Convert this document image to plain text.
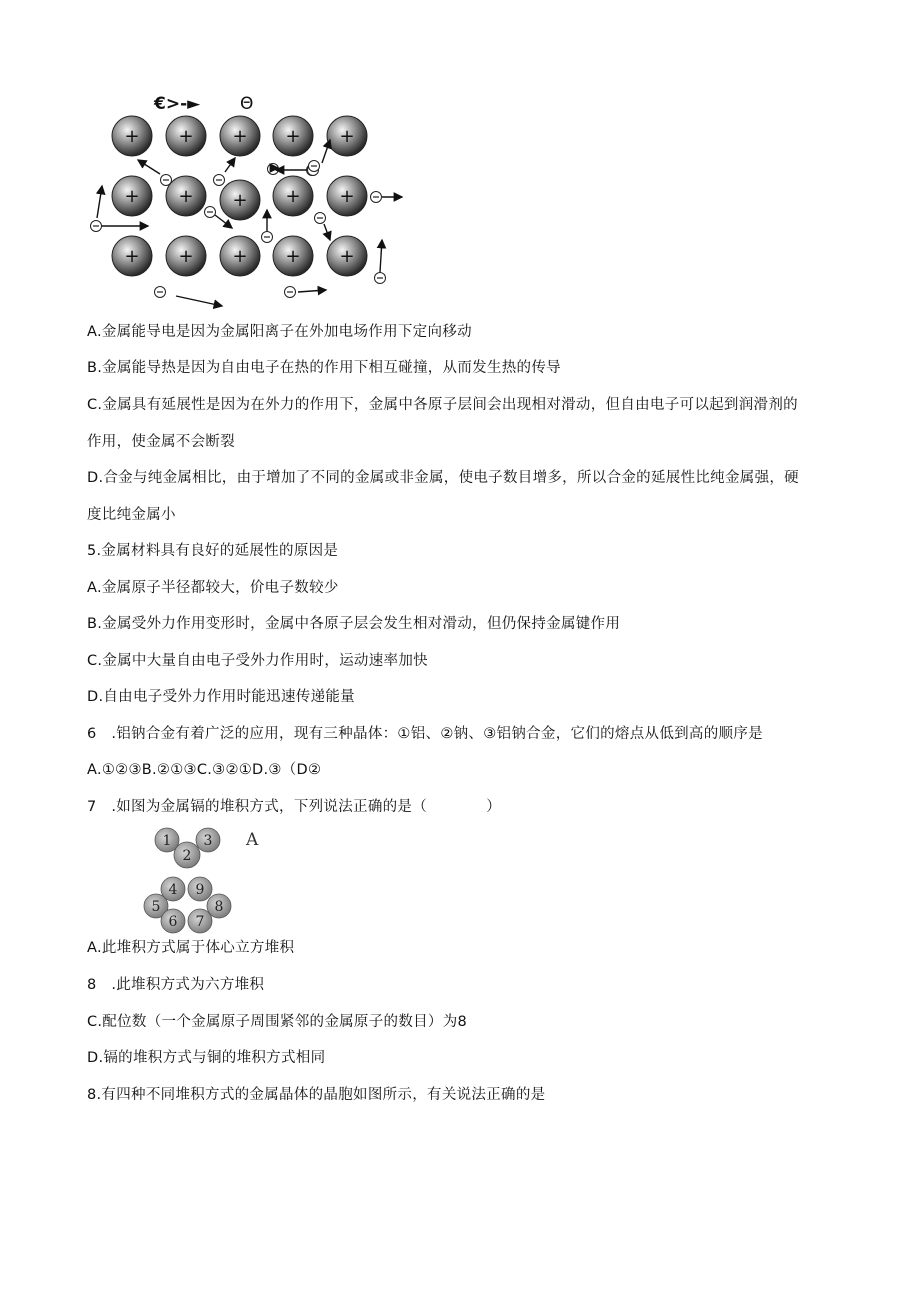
€>-► Θ
+ + + + +
+ + + + +
+ + + + +
A.金属能导电是因为金属阳离子在外加电场作用下定向移动
B.金属能导热是因为自由电子在热的作用下相互碰撞，从而发生热的传导
C.金属具有延展性是因为在外力的作用下，金属中各原子层间会出现相对滑动，但自由电子可以起到润滑剂的
作用，使金属不会断裂
D.合金与纯金属相比，由于增加了不同的金属或非金属，使电子数目增多，所以合金的延展性比纯金属强，硬
度比纯金属小
5.金属材料具有良好的延展性的原因是
A.金属原子半径都较大，价电子数较少
B.金属受外力作用变形时，金属中各原子层会发生相对滑动，但仍保持金属键作用
C.金属中大量自由电子受外力作用时，运动速率加快
D.自由电子受外力作用时能迅速传递能量
6　.铝钠合金有着广泛的应用，现有三种晶体：①铝、②钠、③铝钠合金，它们的熔点从低到高的顺序是
A.①②③B.②①③C.③②①D.③（D②
7　.如图为金属镉的堆积方式，下列说法正确的是（　　　　）
1 3
2
4 9
5	8
6 7
A
A.此堆积方式属于体心立方堆积
8　.此堆积方式为六方堆积
C.配位数（一个金属原子周围紧邻的金属原子的数目）为8
D.镉的堆积方式与铜的堆积方式相同
8.有四种不同堆积方式的金属晶体的晶胞如图所示，有关说法正确的是
